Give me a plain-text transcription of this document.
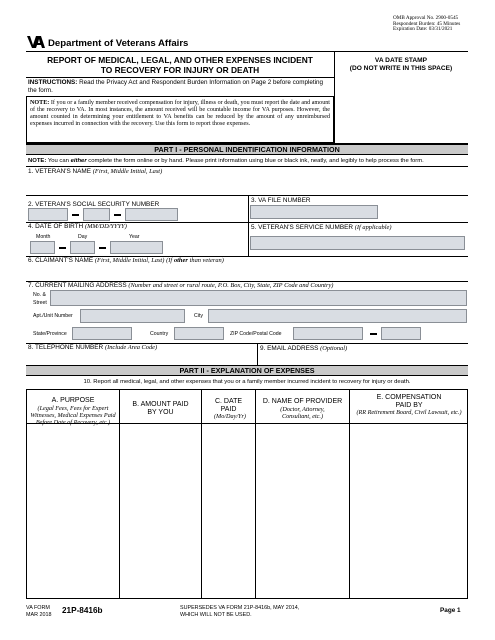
OMB Approval No. 2900-0545
Respondent Burden: 45 Minutes
Expiration Date: 03/31/2021
Department of Veterans Affairs
REPORT OF MEDICAL, LEGAL, AND OTHER EXPENSES INCIDENT
TO RECOVERY FOR INJURY OR DEATH
VA DATE STAMP
(DO NOT WRITE IN THIS SPACE)
INSTRUCTIONS: Read the Privacy Act and Respondent Burden Information on Page 2 before completing the form.
NOTE: If you or a family member received compensation for injury, illness or death, you must report the date and amount of the recovery to VA. In most instances, the amount received will be countable income for VA purposes. However, the amount counted in determining your entitlement to VA benefits can be reduced by the amount of any unreimbursed expenses incurred in connection with the recovery. Use this form to report those expenses.
PART I - PERSONAL INDENTIFICATION INFORMATION
NOTE: You can either complete the form online or by hand. Please print information using blue or black ink, neatly, and legibly to help process the form.
1. VETERAN'S NAME (First, Middle Initial, Last)
2. VETERAN'S SOCIAL SECURITY NUMBER
3. VA FILE NUMBER
4. DATE OF BIRTH (MM/DD/YYYY)	5. VETERAN'S SERVICE NUMBER (If applicable)
Month	Day	Year
6. CLAIMANT'S NAME (First, Middle Initial, Last) (If other than veteran)
7. CURRENT MAILING ADDRESS (Number and street or rural route, P.O. Box, City, State, ZIP Code and Country)
No. &
Street
Apt./Unit Number	City
State/Province	Country	ZIP Code/Postal Code
8. TELEPHONE NUMBER (Include Area Code)	9. EMAIL ADDRESS (Optional)
PART II - EXPLANATION OF EXPENSES
10. Report all medical, legal, and other expenses that you or a family member incurred incident to recovery for injury or death.
A. PURPOSE
(Legal Fees, Fees for Expert Witnesses, Medical Expenses Paid Before Date of Recovery, etc.)
B. AMOUNT PAID BY YOU
C. DATE PAID
(Mo/Day/Yr)
D. NAME OF PROVIDER
(Doctor, Attorney, Consultant, etc.)
E. COMPENSATION PAID BY
(RR Retirement Board, Civil Lawsuit, etc.)
VA FORM
MAR 2018 21P-8416b	SUPERSEDES VA FORM 21P-8416b, MAY 2014,
WHICH WILL NOT BE USED.
Page 1
